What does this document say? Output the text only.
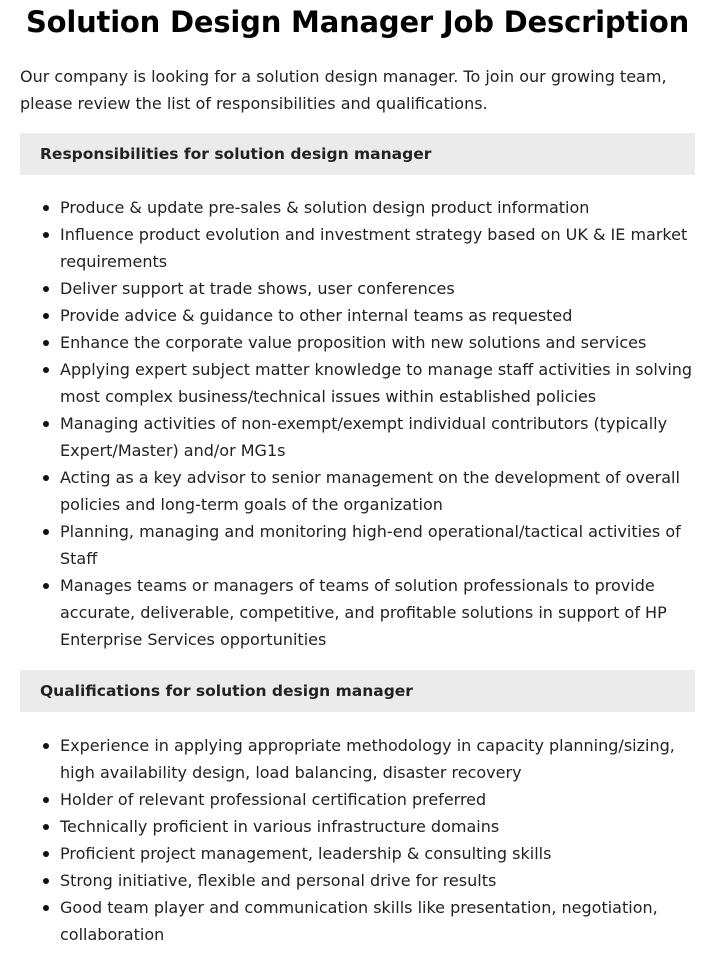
Solution Design Manager Job Description

Our company is looking for a solution design manager. To join our growing team, please review the list of responsibilities and qualifications.

Responsibilities for solution design manager
Produce & update pre-sales & solution design product information
Influence product evolution and investment strategy based on UK & IE market requirements
Deliver support at trade shows, user conferences
Provide advice & guidance to other internal teams as requested
Enhance the corporate value proposition with new solutions and services
Applying expert subject matter knowledge to manage staff activities in solving most complex business/technical issues within established policies
Managing activities of non-exempt/exempt individual contributors (typically Expert/Master) and/or MG1s
Acting as a key advisor to senior management on the development of overall policies and long-term goals of the organization
Planning, managing and monitoring high-end operational/tactical activities of Staff
Manages teams or managers of teams of solution professionals to provide accurate, deliverable, competitive, and profitable solutions in support of HP Enterprise Services opportunities
Qualifications for solution design manager
Experience in applying appropriate methodology in capacity planning/sizing, high availability design, load balancing, disaster recovery
Holder of relevant professional certification preferred
Technically proficient in various infrastructure domains
Proficient project management, leadership & consulting skills
Strong initiative, flexible and personal drive for results
Good team player and communication skills like presentation, negotiation, collaboration
